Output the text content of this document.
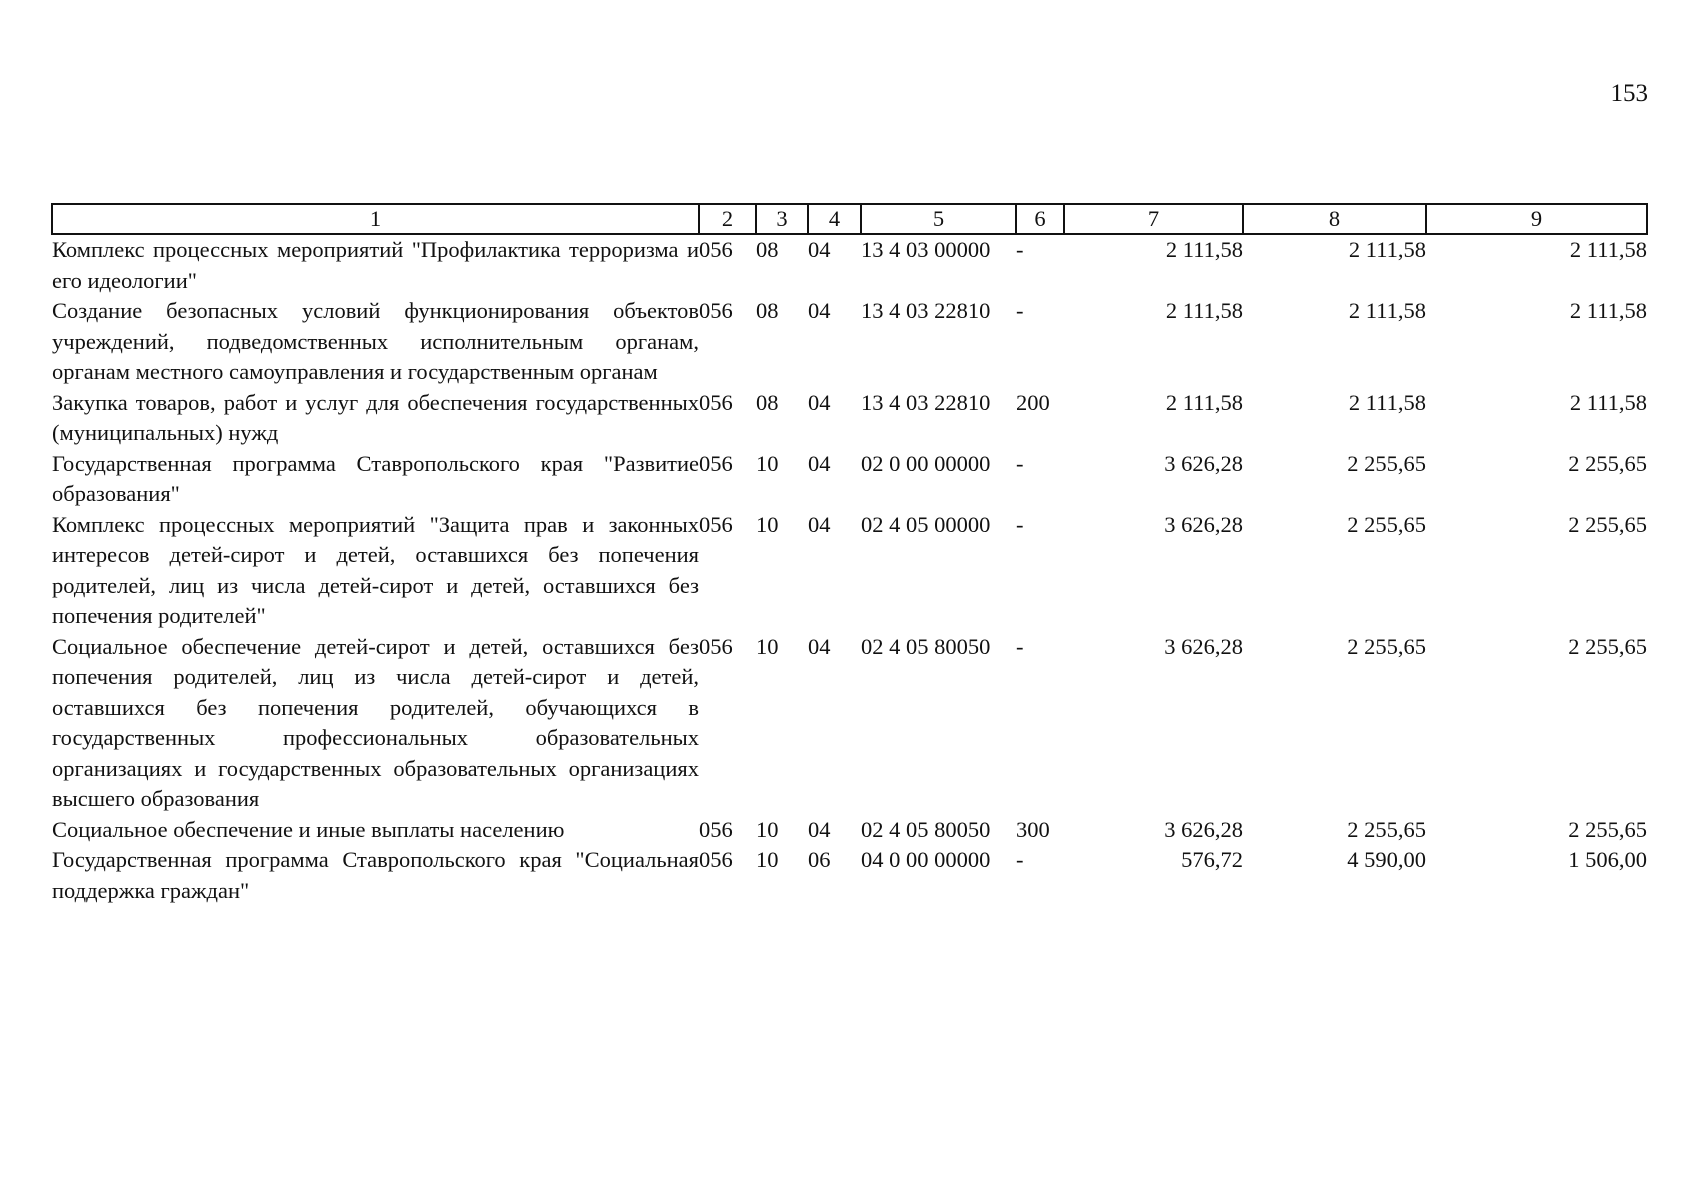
153
1	2	3	4	5	6	7	8	9
Комплекс процессных мероприятий "Профилактика терроризма и его идеологии"	056	08	04	13 4 03 00000	-	2 111,58	2 111,58	2 111,58
Создание безопасных условий функционирования объектов учреждений, подведомственных исполнительным органам, органам местного самоуправления и государственным органам	056	08	04	13 4 03 22810	-	2 111,58	2 111,58	2 111,58
Закупка товаров, работ и услуг для обеспечения государственных (муниципальных) нужд	056	08	04	13 4 03 22810	200	2 111,58	2 111,58	2 111,58
Государственная программа Ставропольского края "Развитие образования"	056	10	04	02 0 00 00000	-	3 626,28	2 255,65	2 255,65
Комплекс процессных мероприятий "Защита прав и законных интересов детей-сирот и детей, оставшихся без попечения родителей, лиц из числа детей-сирот и детей, оставшихся без попечения родителей"	056	10	04	02 4 05 00000	-	3 626,28	2 255,65	2 255,65
Социальное обеспечение детей-сирот и детей, оставшихся без попечения родителей, лиц из числа детей-сирот и детей, оставшихся без попечения родителей, обучающихся в государственных профессиональных образовательных организациях и государственных образовательных организациях высшего образования	056	10	04	02 4 05 80050	-	3 626,28	2 255,65	2 255,65
Социальное обеспечение и иные выплаты населению	056	10	04	02 4 05 80050	300	3 626,28	2 255,65	2 255,65
Государственная программа Ставропольского края "Социальная поддержка граждан"	056	10	06	04 0 00 00000	-	576,72	4 590,00	1 506,00
